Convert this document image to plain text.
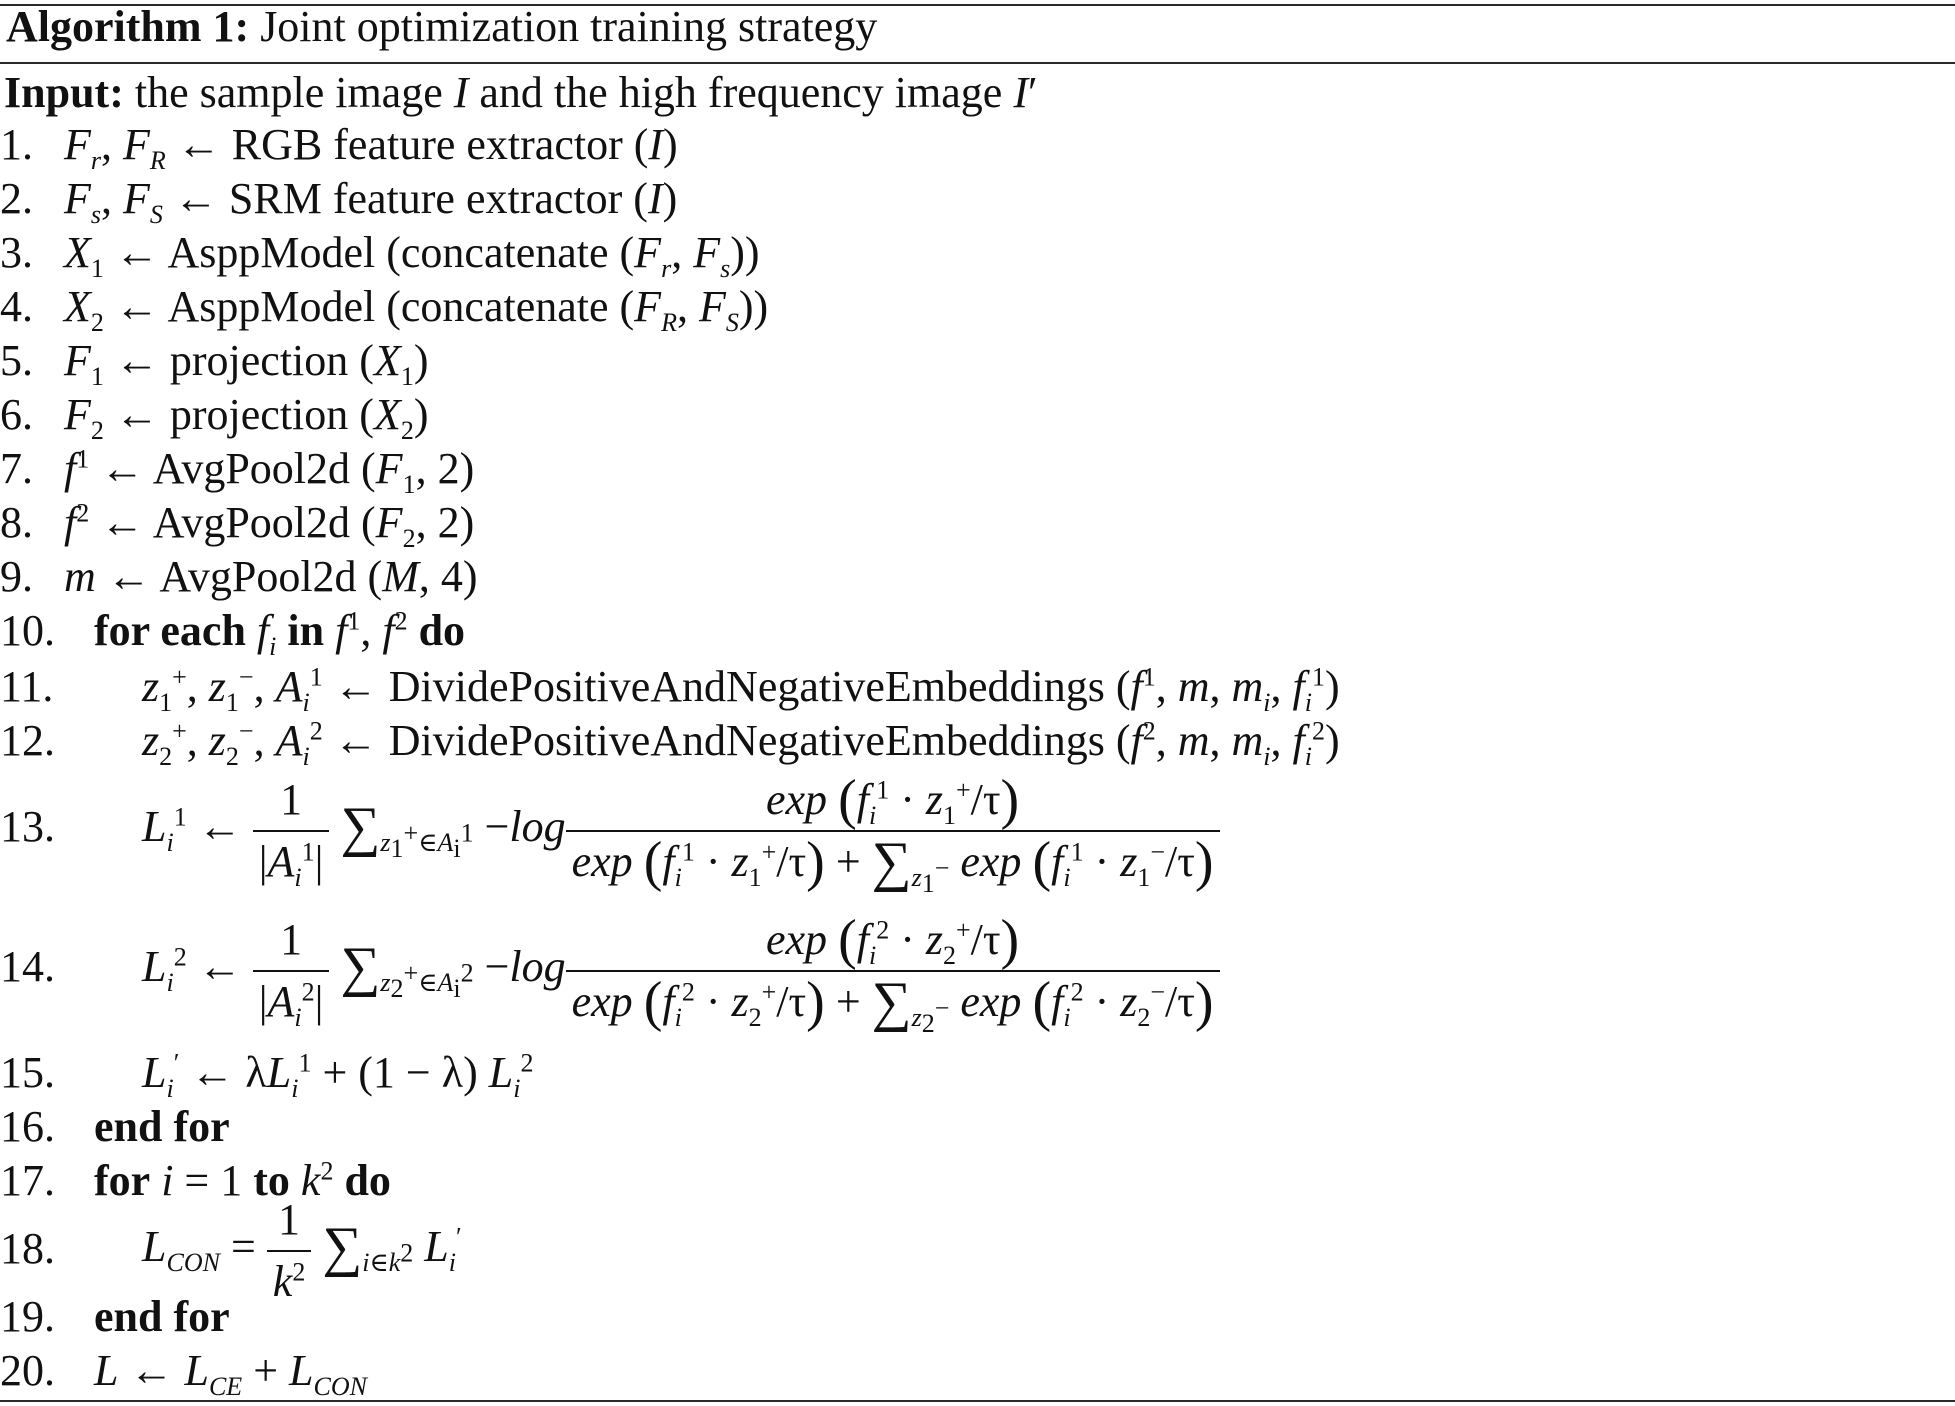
Algorithm 1: Joint optimization training strategy
Input: the sample image I and the high frequency image I′
1. $F_r$, $F_R$ ← RGB feature extractor (I)
2. $F_s$, $F_S$ ← SRM feature extractor (I)
3. $X_1$ ← AsppModel (concatenate ($F_r$, $F_s$))
4. $X_2$ ← AsppModel (concatenate ($F_R$, $F_S$))
5. $F_1$ ← projection $(X_1)$
6. $F_2$ ← projection $(X_2)$
7. $f^1$ ← AvgPool2d ($F_1$, 2)
8. $f^2$ ← AvgPool2d ($F_2$, 2)
9. m ← AvgPool2d (M, 4)
10. for each $f_i$ in $f^1$, $f^2$ do
11. $z_1^+$, $z_1^-$, $A_i^1$ ← DividePositiveAndNegativeEmbeddings ($f^1$, m, $m_i$, $f_i^1$)
12. $z_2^+$, $z_2^-$, $A_i^2$ ← DividePositiveAndNegativeEmbeddings ($f^2$, m, $m_i$, $f_i^2$)
13. $L_i^1$ ← $\frac{1}{|A_i^1|} \sum_{z_1^+\in A_i^1} -\log \frac{\exp (f_i^1 \cdot z_1^+/\tau)}{\exp (f_i^1 \cdot z_1^+/\tau) + \sum_{z_1^-} \exp (f_i^1 \cdot z_1^-/\tau)}$
14. $L_i^2$ ← $\frac{1}{|A_i^2|} \sum_{z_2^+\in A_i^2} -\log \frac{\exp (f_i^2 \cdot z_2^+/\tau)}{\exp (f_i^2 \cdot z_2^+/\tau) + \sum_{z_2^-} \exp (f_i^2 \cdot z_2^-/\tau)}$
15. $L_i'$ ← $\lambda L_i^1 + (1 - \lambda)$ $L_i^2$
16. end for
17. for i = 1 to $k^2$ do
18. $L_{CON} = \frac{1}{k^2} \sum_{i\in k^2}$ $L_i'$
19. end for
20. L ← $L_{CE} + L_{CON}$
